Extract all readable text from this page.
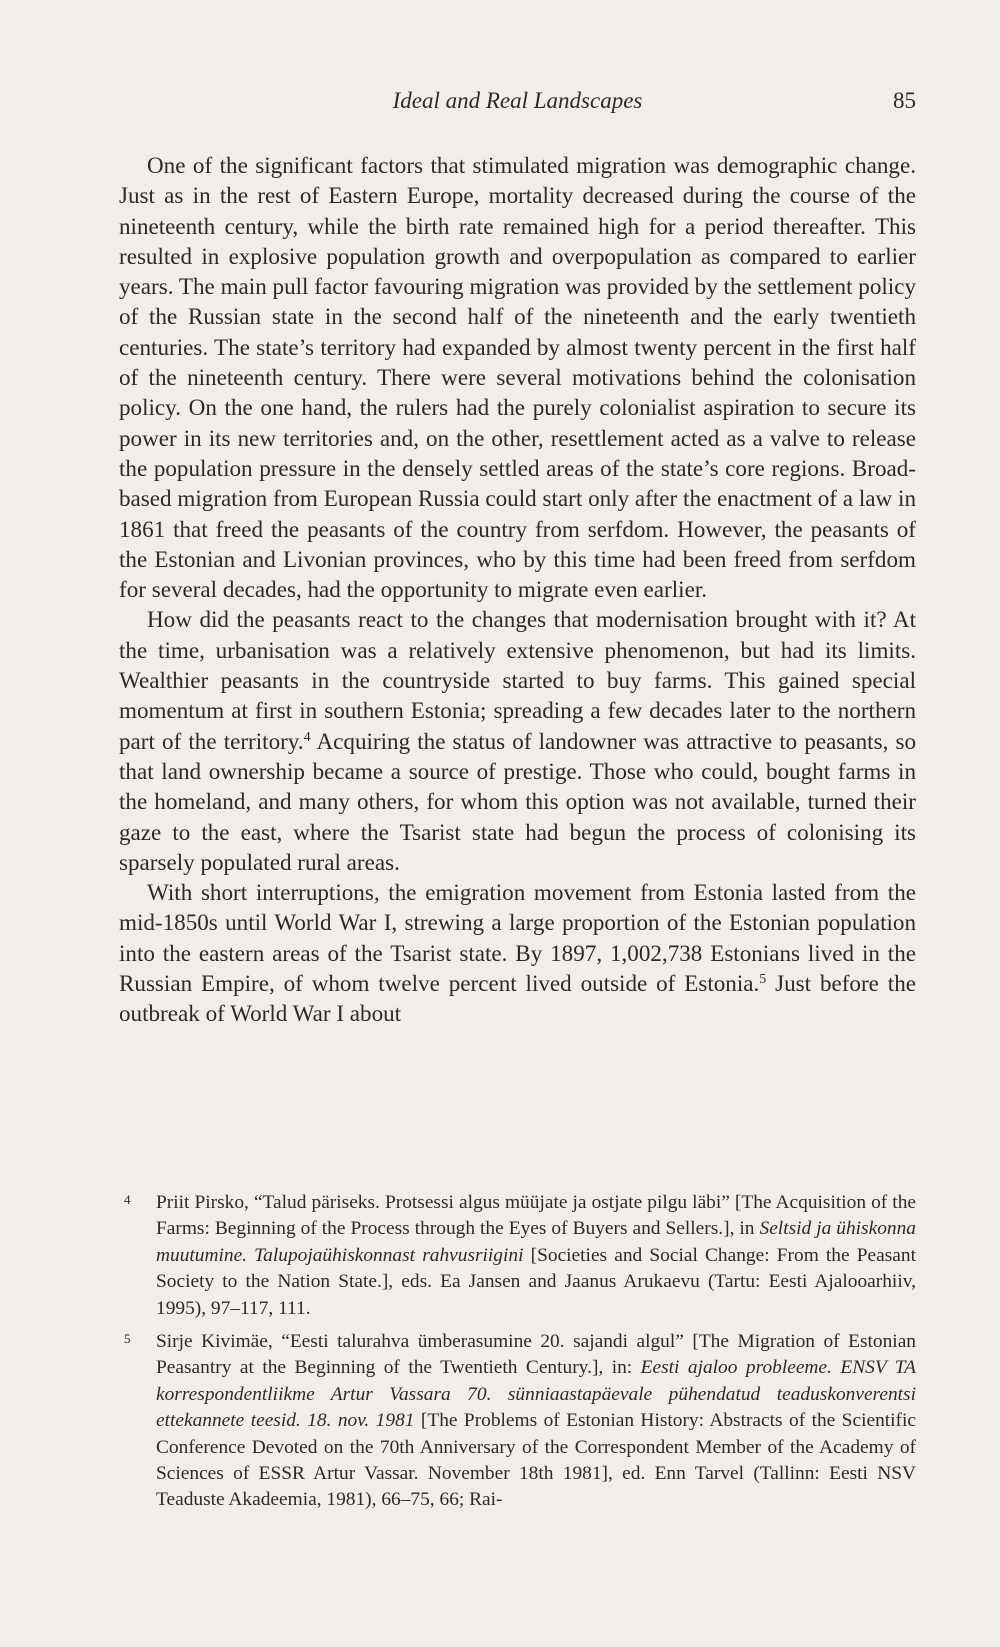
Ideal and Real Landscapes	85

One of the significant factors that stimulated migration was demographic change. Just as in the rest of Eastern Europe, mortality decreased during the course of the nineteenth century, while the birth rate remained high for a period thereafter. This resulted in explosive population growth and overpopulation as compared to earlier years. The main pull factor favouring migration was provided by the settlement policy of the Russian state in the second half of the nineteenth and the early twentieth centuries. The state’s territory had expanded by almost twenty percent in the first half of the nineteenth century. There were several motivations behind the colonisation policy. On the one hand, the rulers had the purely colonialist aspiration to secure its power in its new territories and, on the other, resettlement acted as a valve to release the population pressure in the densely settled areas of the state’s core regions. Broad-based migration from European Russia could start only after the enactment of a law in 1861 that freed the peasants of the country from serfdom. However, the peasants of the Estonian and Livonian provinces, who by this time had been freed from serfdom for several decades, had the opportunity to migrate even earlier.

How did the peasants react to the changes that modernisation brought with it? At the time, urbanisation was a relatively extensive phenomenon, but had its limits. Wealthier peasants in the countryside started to buy farms. This gained special momentum at first in southern Estonia; spreading a few decades later to the northern part of the territory.$^4$ Acquiring the status of landowner was attractive to peasants, so that land ownership became a source of prestige. Those who could, bought farms in the homeland, and many others, for whom this option was not available, turned their gaze to the east, where the Tsarist state had begun the process of colonising its sparsely populated rural areas.

With short interruptions, the emigration movement from Estonia lasted from the mid-1850s until World War I, strewing a large proportion of the Estonian population into the eastern areas of the Tsarist state. By 1897, 1,002,738 Estonians lived in the Russian Empire, of whom twelve percent lived outside of Estonia.$^5$ Just before the outbreak of World War I about

4 Priit Pirsko, “Talud päriseks. Protsessi algus müüjate ja ostjate pilgu läbi” [The Acquisition of the Farms: Beginning of the Process through the Eyes of Buyers and Sellers.], in Seltsid ja ühiskonna muutumine. Talupojaühiskonnast rahvusriigini [Societies and Social Change: From the Peasant Society to the Nation State.], eds. Ea Jansen and Jaanus Arukaevu (Tartu: Eesti Ajalooarhiiv, 1995), 97–117, 111.
5 Sirje Kivimäe, “Eesti talurahva ümberasumine 20. sajandi algul” [The Migration of Estonian Peasantry at the Beginning of the Twentieth Century.], in: Eesti ajaloo probleeme. ENSV TA korrespondentliikme Artur Vassara 70. sünniaastapäevale pühendatud teaduskonverentsi ettekannete teesid. 18. nov. 1981 [The Problems of Estonian History: Abstracts of the Scientific Conference Devoted on the 70th Anniversary of the Correspondent Member of the Academy of Sciences of ESSR Artur Vassar. November 18th 1981], ed. Enn Tarvel (Tallinn: Eesti NSV Teaduste Akadeemia, 1981), 66–75, 66; Rai-
